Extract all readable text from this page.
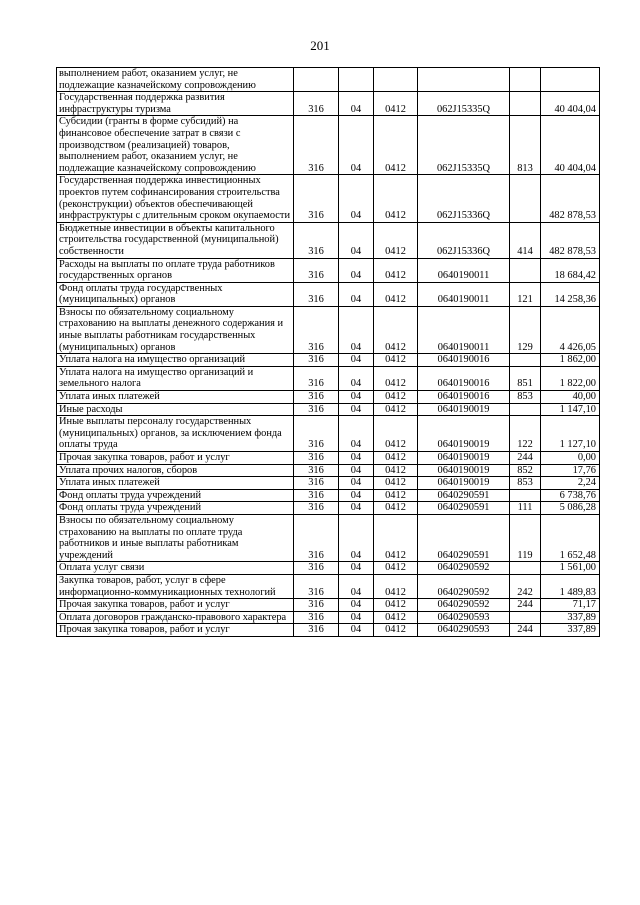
201
выполнением работ, оказанием услуг, не подлежащие казначейскому сопровождению						
Государственная поддержка развития инфраструктуры туризма	316	04	0412	062J15335Q		40 404,04
Субсидии (гранты в форме субсидий) на финансовое обеспечение затрат в связи с производством (реализацией) товаров, выполнением работ, оказанием услуг, не подлежащие казначейскому сопровождению	316	04	0412	062J15335Q	813	40 404,04
Государственная поддержка инвестиционных проектов путем софинансирования строительства (реконструкции) объектов обеспечивающей инфраструктуры с длительным сроком окупаемости	316	04	0412	062J15336Q		482 878,53
Бюджетные инвестиции в объекты капитального строительства государственной (муниципальной) собственности	316	04	0412	062J15336Q	414	482 878,53
Расходы на выплаты по оплате труда работников государственных органов	316	04	0412	0640190011		18 684,42
Фонд оплаты труда государственных (муниципальных) органов	316	04	0412	0640190011	121	14 258,36
Взносы по обязательному социальному страхованию на выплаты денежного содержания и иные выплаты работникам государственных (муниципальных) органов	316	04	0412	0640190011	129	4 426,05
Уплата налога на имущество организаций	316	04	0412	0640190016		1 862,00
Уплата налога на имущество организаций и земельного налога	316	04	0412	0640190016	851	1 822,00
Уплата иных платежей	316	04	0412	0640190016	853	40,00
Иные расходы	316	04	0412	0640190019		1 147,10
Иные выплаты персоналу государственных (муниципальных) органов, за исключением фонда оплаты труда	316	04	0412	0640190019	122	1 127,10
Прочая закупка товаров, работ и услуг	316	04	0412	0640190019	244	0,00
Уплата прочих налогов, сборов	316	04	0412	0640190019	852	17,76
Уплата иных платежей	316	04	0412	0640190019	853	2,24
Фонд оплаты труда учреждений	316	04	0412	0640290591		6 738,76
Фонд оплаты труда учреждений	316	04	0412	0640290591	111	5 086,28
Взносы по обязательному социальному страхованию на выплаты по оплате труда работников и иные выплаты работникам учреждений	316	04	0412	0640290591	119	1 652,48
Оплата услуг связи	316	04	0412	0640290592		1 561,00
Закупка товаров, работ, услуг в сфере информационно-коммуникационных технологий	316	04	0412	0640290592	242	1 489,83
Прочая закупка товаров, работ и услуг	316	04	0412	0640290592	244	71,17
Оплата договоров гражданско-правового характера	316	04	0412	0640290593		337,89
Прочая закупка товаров, работ и услуг	316	04	0412	0640290593	244	337,89
